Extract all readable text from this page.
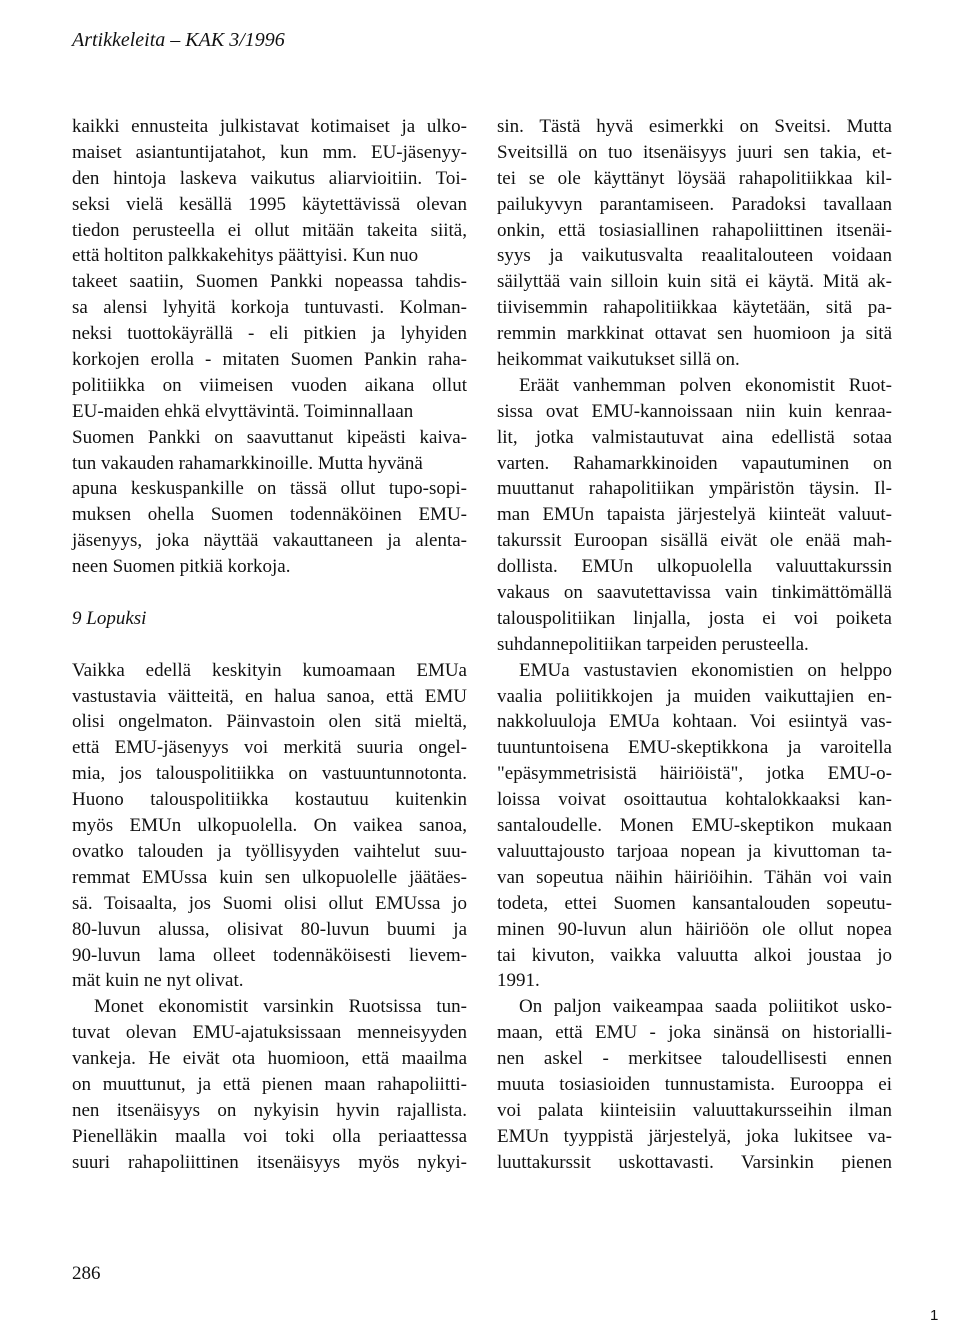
Artikkeleita – KAK 3/1996
kaikki ennusteita julkistavat kotimaiset ja ulko-
maiset asiantuntijatahot, kun mm. EU-jäsenyy-
den hintoja laskeva vaikutus aliarvioitiin. Toi-
seksi vielä kesällä 1995 käytettävissä olevan
tiedon perusteella ei ollut mitään takeita siitä,
että holtiton palkkakehitys päättyisi. Kun nuo
takeet saatiin, Suomen Pankki nopeassa tahdis-
sa alensi lyhyitä korkoja tuntuvasti. Kolman-
neksi tuottokäyrällä - eli pitkien ja lyhyiden
korkojen erolla - mitaten Suomen Pankin raha-
politiikka on viimeisen vuoden aikana ollut
EU-maiden ehkä elvyttävintä. Toiminnallaan
Suomen Pankki on saavuttanut kipeästi kaiva-
tun vakauden rahamarkkinoille. Mutta hyvänä
apuna keskuspankille on tässä ollut tupo-sopi-
muksen ohella Suomen todennäköinen EMU-
jäsenyys, joka näyttää vakauttaneen ja alenta-
neen Suomen pitkiä korkoja.
9 Lopuksi
Vaikka edellä keskityin kumoamaan EMUa
vastustavia väitteitä, en halua sanoa, että EMU
olisi ongelmaton. Päinvastoin olen sitä mieltä,
että EMU-jäsenyys voi merkitä suuria ongel-
mia, jos talouspolitiikka on vastuuntunnotonta.
Huono talouspolitiikka kostautuu kuitenkin
myös EMUn ulkopuolella. On vaikea sanoa,
ovatko talouden ja työllisyyden vaihtelut suu-
remmat EMUssa kuin sen ulkopuolelle jäätäes-
sä. Toisaalta, jos Suomi olisi ollut EMUssa jo
80-luvun alussa, olisivat 80-luvun buumi ja
90-luvun lama olleet todennäköisesti lievem-
mät kuin ne nyt olivat.
Monet ekonomistit varsinkin Ruotsissa tun-
tuvat olevan EMU-ajatuksissaan menneisyyden
vankeja. He eivät ota huomioon, että maailma
on muuttunut, ja että pienen maan rahapoliitti-
nen itsenäisyys on nykyisin hyvin rajallista.
Pienelläkin maalla voi toki olla periaattessa
suuri rahapoliittinen itsenäisyys myös nykyi-
sin. Tästä hyvä esimerkki on Sveitsi. Mutta
Sveitsillä on tuo itsenäisyys juuri sen takia, et-
tei se ole käyttänyt löysää rahapolitiikkaa kil-
pailukyvyn parantamiseen. Paradoksi tavallaan
onkin, että tosiasiallinen rahapoliittinen itsenäi-
syys ja vaikutusvalta reaalitalouteen voidaan
säilyttää vain silloin kuin sitä ei käytä. Mitä ak-
tiivisemmin rahapolitiikkaa käytetään, sitä pa-
remmin markkinat ottavat sen huomioon ja sitä
heikommat vaikutukset sillä on.
Eräät vanhemman polven ekonomistit Ruot-
sissa ovat EMU-kannoissaan niin kuin kenraa-
lit, jotka valmistautuvat aina edellistä sotaa
varten. Rahamarkkinoiden vapautuminen on
muuttanut rahapolitiikan ympäristön täysin. Il-
man EMUn tapaista järjestelyä kiinteät valuut-
takurssit Euroopan sisällä eivät ole enää mah-
dollista. EMUn ulkopuolella valuuttakurssin
vakaus on saavutettavissa vain tinkimättömällä
talouspolitiikan linjalla, josta ei voi poiketa
suhdannepolitiikan tarpeiden perusteella.
EMUa vastustavien ekonomistien on helppo
vaalia poliitikkojen ja muiden vaikuttajien en-
nakkoluuloja EMUa kohtaan. Voi esiintyä vas-
tuuntuntoisena EMU-skeptikkona ja varoitella
"epäsymmetrisistä häiriöistä", jotka EMU-o-
loissa voivat osoittautua kohtalokkaaksi kan-
santaloudelle. Monen EMU-skeptikon mukaan
valuuttajousto tarjoaa nopean ja kivuttoman ta-
van sopeutua näihin häiriöihin. Tähän voi vain
todeta, ettei Suomen kansantalouden sopeutu-
minen 90-luvun alun häiriöön ole ollut nopea
tai kivuton, vaikka valuutta alkoi joustaa jo
1991.
On paljon vaikeampaa saada poliitikot usko-
maan, että EMU - joka sinänsä on historialli-
nen askel - merkitsee taloudellisesti ennen
muuta tosiasioiden tunnustamista. Eurooppa ei
voi palata kiinteisiin valuuttakursseihin ilman
EMUn tyyppistä järjestelyä, joka lukitsee va-
luuttakurssit uskottavasti. Varsinkin pienen
286
1
